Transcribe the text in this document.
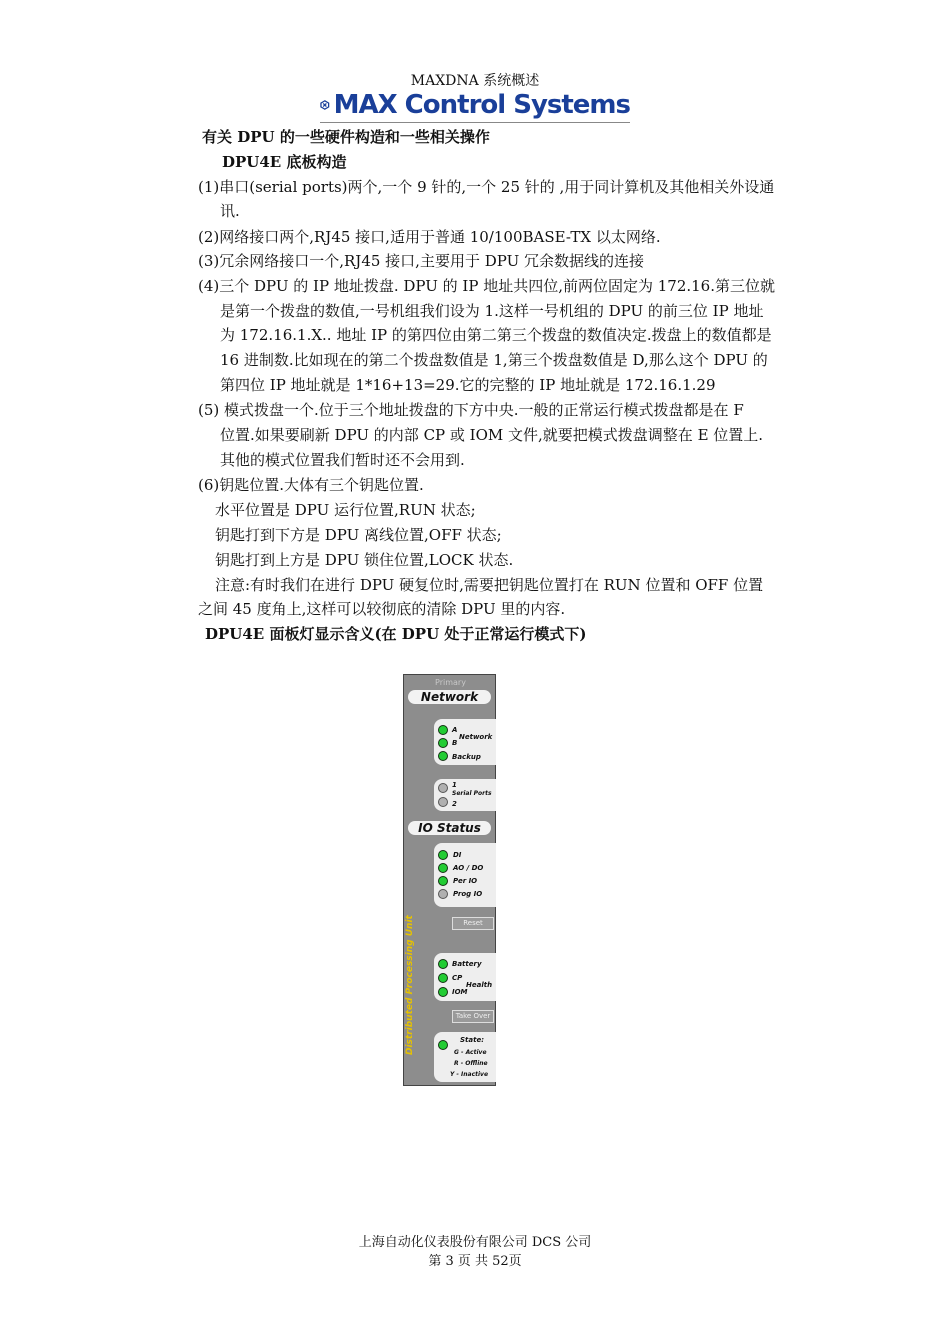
MAXDNA 系统概述
MAX Control Systems
有关 DPU 的一些硬件构造和一些相关操作
DPU4E 底板构造
(1)串口(serial ports)两个,一个 9 针的,一个 25 针的 ,用于同计算机及其他相关外设通
讯.
(2)网络接口两个,RJ45 接口,适用于普通 10/100BASE-TX 以太网络.
(3)冗余网络接口一个,RJ45 接口,主要用于 DPU 冗余数据线的连接
(4)三个 DPU 的 IP 地址拨盘. DPU 的 IP 地址共四位,前两位固定为 172.16.第三位就
是第一个拨盘的数值,一号机组我们设为 1.这样一号机组的 DPU 的前三位 IP 地址
为 172.16.1.X.. 地址 IP 的第四位由第二第三个拨盘的数值决定.拨盘上的数值都是
16 进制数.比如现在的第二个拨盘数值是 1,第三个拨盘数值是 D,那么这个 DPU 的
第四位 IP 地址就是 1*16+13=29.它的完整的 IP 地址就是 172.16.1.29
(5) 模式拨盘一个.位于三个地址拨盘的下方中央.一般的正常运行模式拨盘都是在 F
位置.如果要刷新 DPU 的内部 CP 或 IOM 文件,就要把模式拨盘调整在 E 位置上.
其他的模式位置我们暂时还不会用到.
(6)钥匙位置.大体有三个钥匙位置.
水平位置是 DPU 运行位置,RUN 状态;
钥匙打到下方是 DPU 离线位置,OFF 状态;
钥匙打到上方是 DPU 锁住位置,LOCK 状态.
注意:有时我们在进行 DPU 硬复位时,需要把钥匙位置打在 RUN 位置和 OFF 位置
之间 45 度角上,这样可以较彻底的清除 DPU 里的内容.
DPU4E 面板灯显示含义(在 DPU 处于正常运行模式下)
Primary
Network
A
B
Network
Backup
1
Serial Ports
2
IO Status
DI
AO / DO
Per IO
Prog IO
Reset
Battery
CP
Health
IOM
Take Over
State:
G - Active
R - Offline
Y - Inactive
Distributed Processing Unit
上海自动化仪表股份有限公司 DCS 公司
第 3 页 共 52页
